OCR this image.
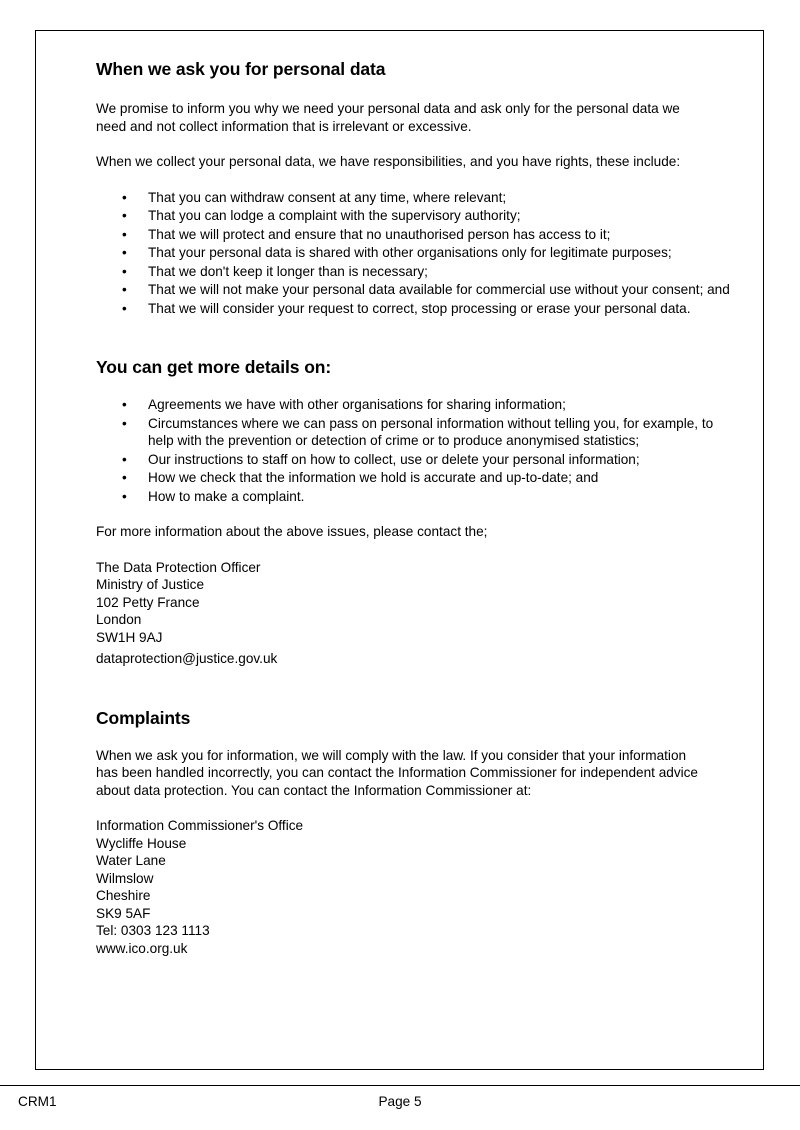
When we ask you for personal data

We promise to inform you why we need your personal data and ask only for the personal data we need and not collect information that is irrelevant or excessive.

When we collect your personal data, we have responsibilities, and you have rights, these include:

• That you can withdraw consent at any time, where relevant;
• That you can lodge a complaint with the supervisory authority;
• That we will protect and ensure that no unauthorised person has access to it;
• That your personal data is shared with other organisations only for legitimate purposes;
• That we don't keep it longer than is necessary;
• That we will not make your personal data available for commercial use without your consent; and
• That we will consider your request to correct, stop processing or erase your personal data.
You can get more details on:
• Agreements we have with other organisations for sharing information;
• Circumstances where we can pass on personal information without telling you, for example, to help with the prevention or detection of crime or to produce anonymised statistics;
• Our instructions to staff on how to collect, use or delete your personal information;
• How we check that the information we hold is accurate and up-to-date; and
• How to make a complaint.

For more information about the above issues, please contact the;

The Data Protection Officer
Ministry of Justice
102 Petty France
London
SW1H 9AJ
dataprotection@justice.gov.uk
Complaints

When we ask you for information, we will comply with the law. If you consider that your information has been handled incorrectly, you can contact the Information Commissioner for independent advice about data protection. You can contact the Information Commissioner at:

Information Commissioner's Office
Wycliffe House
Water Lane
Wilmslow
Cheshire
SK9 5AF
Tel: 0303 123 1113
www.ico.org.uk
CRM1	Page 5
